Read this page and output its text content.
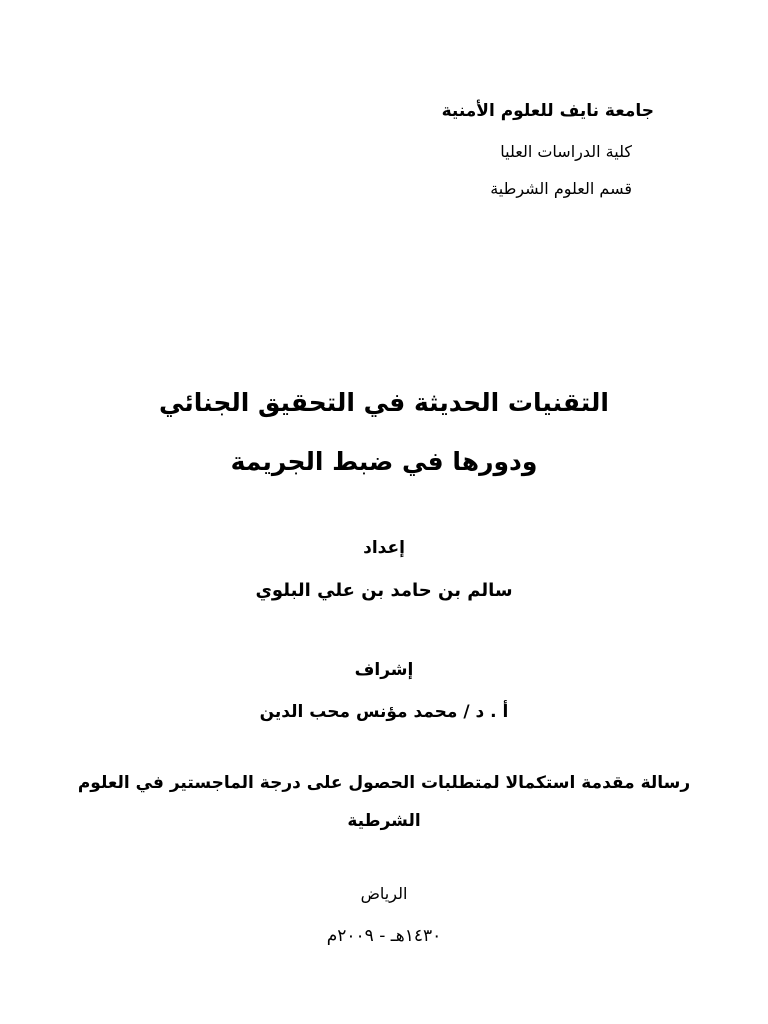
جامعة نايف للعلوم الأمنية
كلية الدراسات العليا
قسم العلوم الشرطية
التقنيات الحديثة في التحقيق الجنائي
ودورها في ضبط الجريمة
إعداد
سالم بن حامد بن علي البلوي
إشراف
أ . د / محمد مؤنس محب الدين
رسالة مقدمة استكمالا لمتطلبات الحصول على درجة الماجستير في العلوم
الشرطية
الرياض
١٤٣٠هـ - ٢٠٠٩م
